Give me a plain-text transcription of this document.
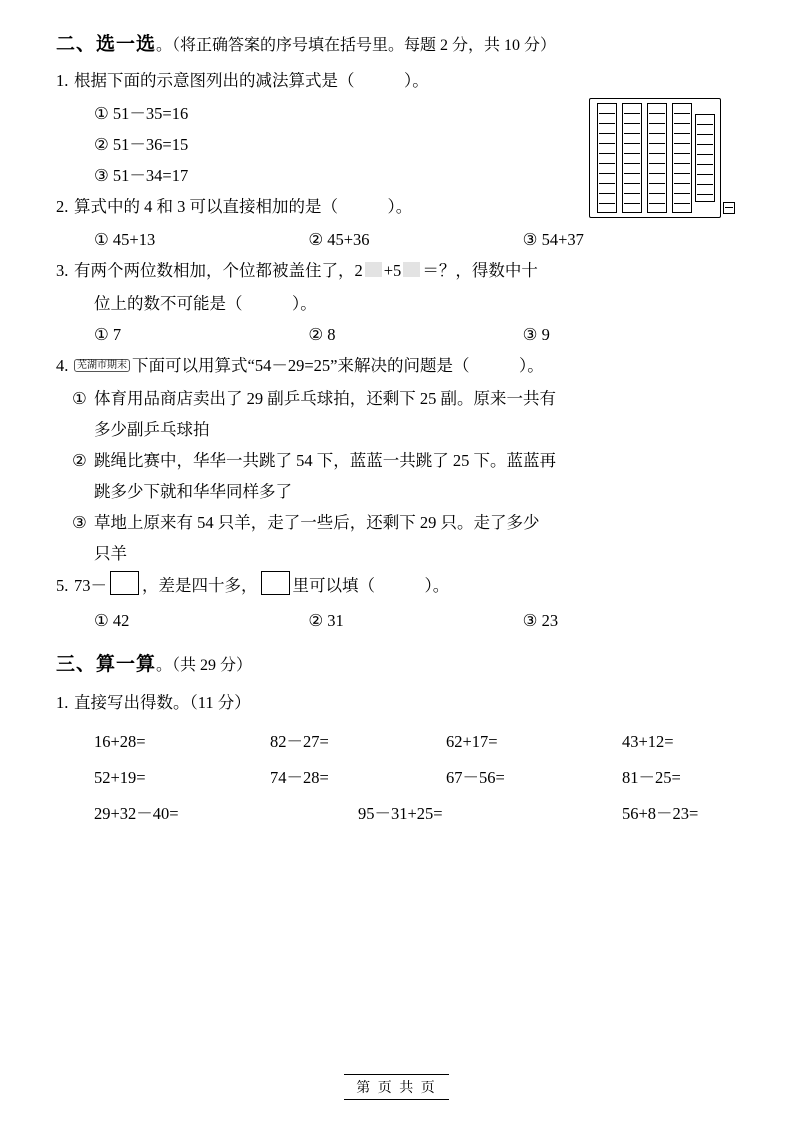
二、选一选。（将正确答案的序号填在括号里。每题 2 分，共 10 分）
1. 根据下面的示意图列出的减法算式是（　　　）。
① 51－35=16
② 51－36=15
③ 51－34=17
2. 算式中的 4 和 3 可以直接相加的是（　　　）。
① 45+13	② 45+36	③ 54+37
3. 有两个两位数相加，个位都被盖住了，2 +5 ＝？，得数中十
位上的数不可能是（　　　）。
① 7	② 8	③ 9
4. 芜湖市期末 下面可以用算式“54－29=25”来解决的问题是（　　　）。
① 体育用品商店卖出了 29 副乒乓球拍，还剩下 25 副。原来一共有
多少副乒乓球拍
② 跳绳比赛中，华华一共跳了 54 下，蓝蓝一共跳了 25 下。蓝蓝再
跳多少下就和华华同样多了
③ 草地上原来有 54 只羊，走了一些后，还剩下 29 只。走了多少
只羊
5. 73－ ，差是四十多， 里可以填（　　　）。
① 42	② 31	③ 23
三、算一算。（共 29 分）
1. 直接写出得数。（11 分）
16+28=	82－27=	62+17=	43+12=
52+19=	74－28=	67－56=	81－25=
29+32－40=	95－31+25=	56+8－23=
第 页 共 页
